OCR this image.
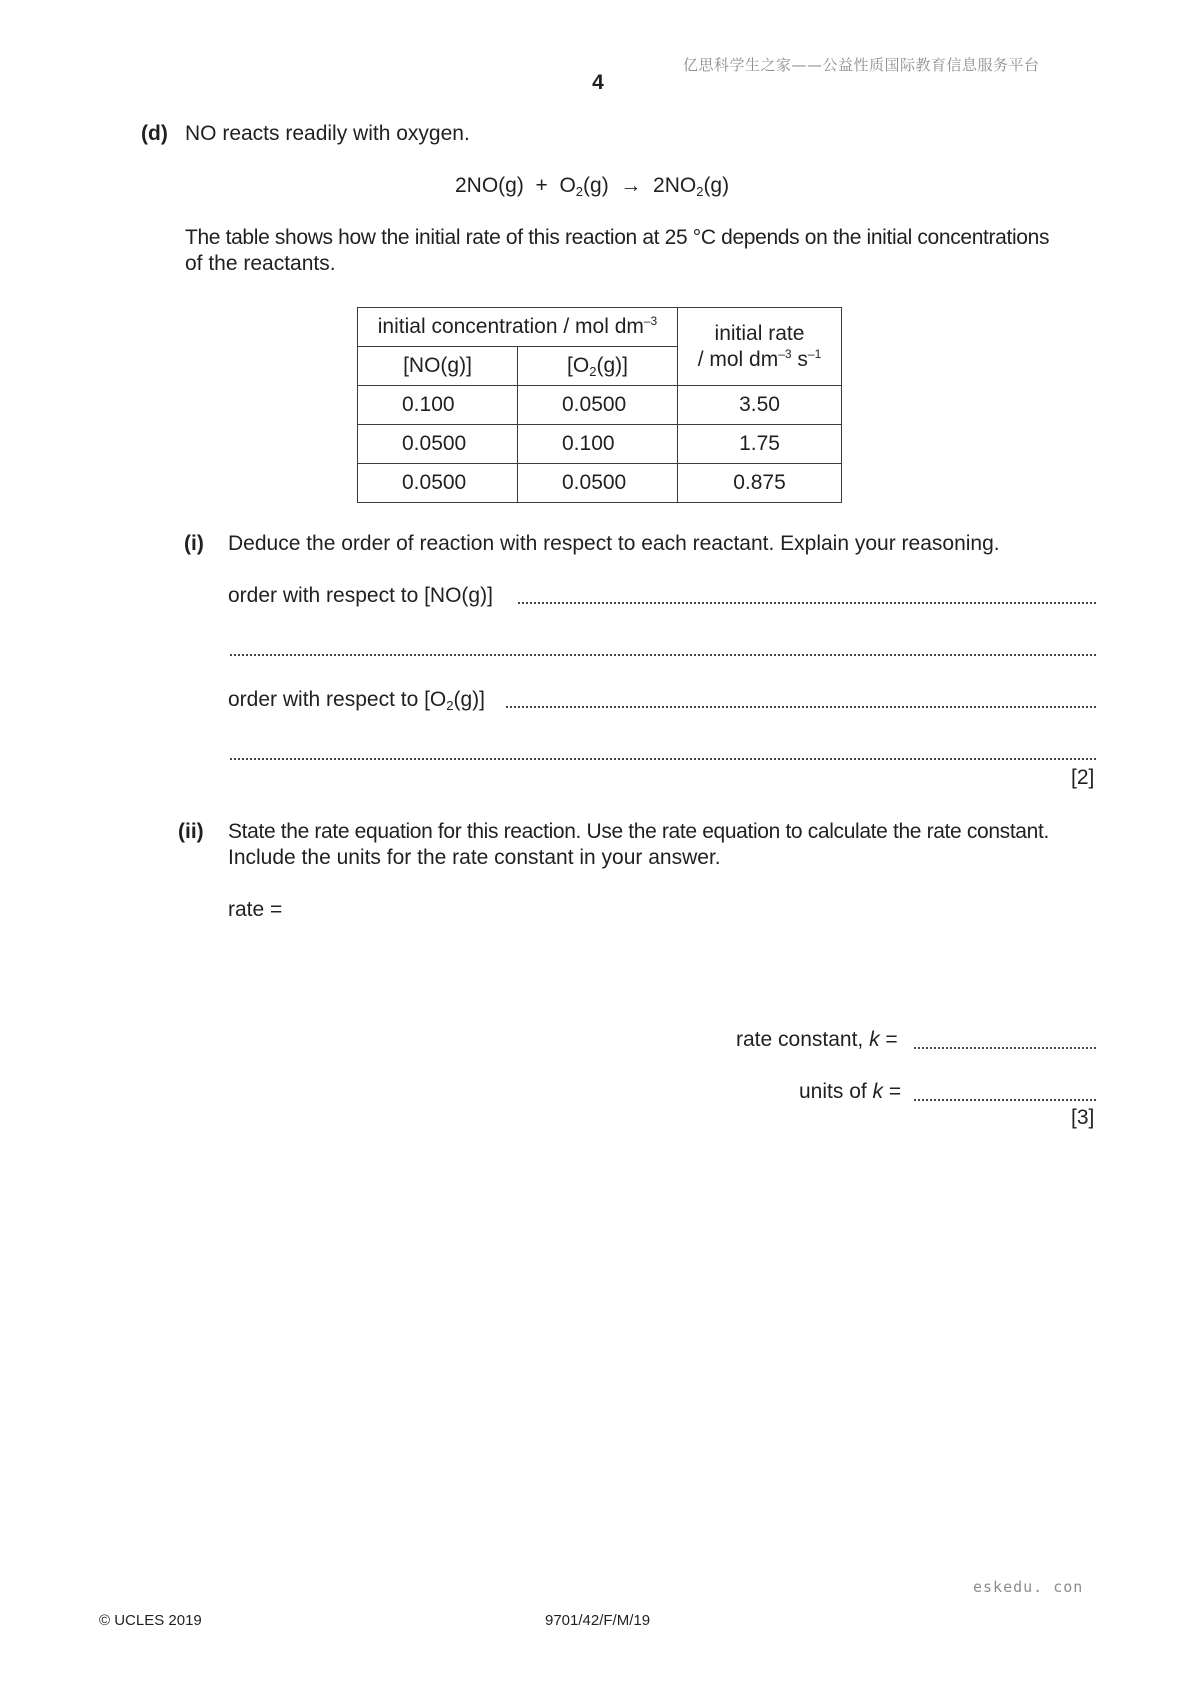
亿思科学生之家——公益性质国际教育信息服务平台
4
(d) NO reacts readily with oxygen.
$2NO(g) + O_2(g) \to 2NO_2(g)$
The table shows how the initial rate of this reaction at 25 °C depends on the initial concentrations
of the reactants.
initial concentration / mol $dm^{-3}$		initial rate
/ mol $dm^{-3}$ $s^{-1}$

[NO(g)]	$[O_2(g)]$	
0.100	0.0500	3.50
0.0500	0.100	1.75
0.0500	0.0500	0.875
(i) Deduce the order of reaction with respect to each reactant. Explain your reasoning.
order with respect to [NO(g)]
order with respect to $[O_2(g)]$
[2]
(ii) State the rate equation for this reaction. Use the rate equation to calculate the rate constant.
Include the units for the rate constant in your answer.
rate =
rate constant, k =
units of k =
[3]
eskedu. con
© UCLES 2019	9701/42/F/M/19
